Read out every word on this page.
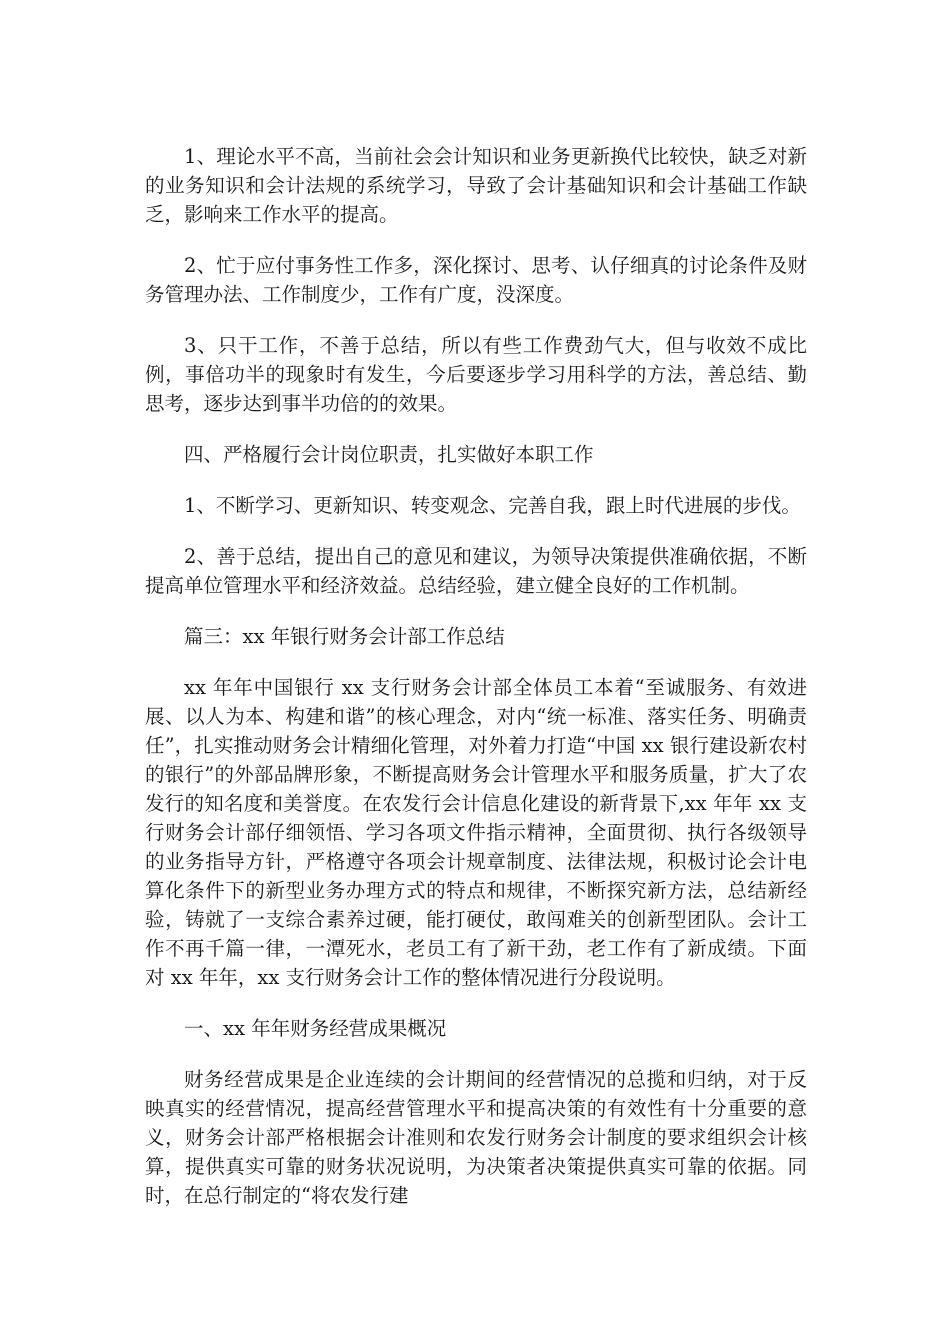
1、理论水平不高，当前社会会计知识和业务更新换代比较快，缺乏对新的业务知识和会计法规的系统学习，导致了会计基础知识和会计基础工作缺乏，影响来工作水平的提高。

2、忙于应付事务性工作多，深化探讨、思考、认仔细真的讨论条件及财务管理办法、工作制度少，工作有广度，没深度。

3、只干工作，不善于总结，所以有些工作费劲气大，但与收效不成比例，事倍功半的现象时有发生，今后要逐步学习用科学的方法，善总结、勤思考，逐步达到事半功倍的的效果。

四、严格履行会计岗位职责，扎实做好本职工作

1、不断学习、更新知识、转变观念、完善自我，跟上时代进展的步伐。

2、善于总结，提出自己的意见和建议，为领导决策提供准确依据，不断提高单位管理水平和经济效益。总结经验，建立健全良好的工作机制。

篇三：xx 年银行财务会计部工作总结

xx 年年中国银行 xx 支行财务会计部全体员工本着“至诚服务、有效进展、以人为本、构建和谐”的核心理念，对内“统一标准、落实任务、明确责任”，扎实推动财务会计精细化管理，对外着力打造“中国 xx 银行建设新农村的银行”的外部品牌形象，不断提高财务会计管理水平和服务质量，扩大了农发行的知名度和美誉度。在农发行会计信息化建设的新背景下,xx 年年 xx 支行财务会计部仔细领悟、学习各项文件指示精神，全面贯彻、执行各级领导的业务指导方针，严格遵守各项会计规章制度、法律法规，积极讨论会计电算化条件下的新型业务办理方式的特点和规律，不断探究新方法，总结新经验，铸就了一支综合素养过硬，能打硬仗，敢闯难关的创新型团队。会计工作不再千篇一律，一潭死水，老员工有了新干劲，老工作有了新成绩。下面对 xx 年年，xx 支行财务会计工作的整体情况进行分段说明。

一、xx 年年财务经营成果概况

财务经营成果是企业连续的会计期间的经营情况的总揽和归纳，对于反映真实的经营情况，提高经营管理水平和提高决策的有效性有十分重要的意义，财务会计部严格根据会计准则和农发行财务会计制度的要求组织会计核算，提供真实可靠的财务状况说明，为决策者决策提供真实可靠的依据。同时，在总行制定的“将农发行建
